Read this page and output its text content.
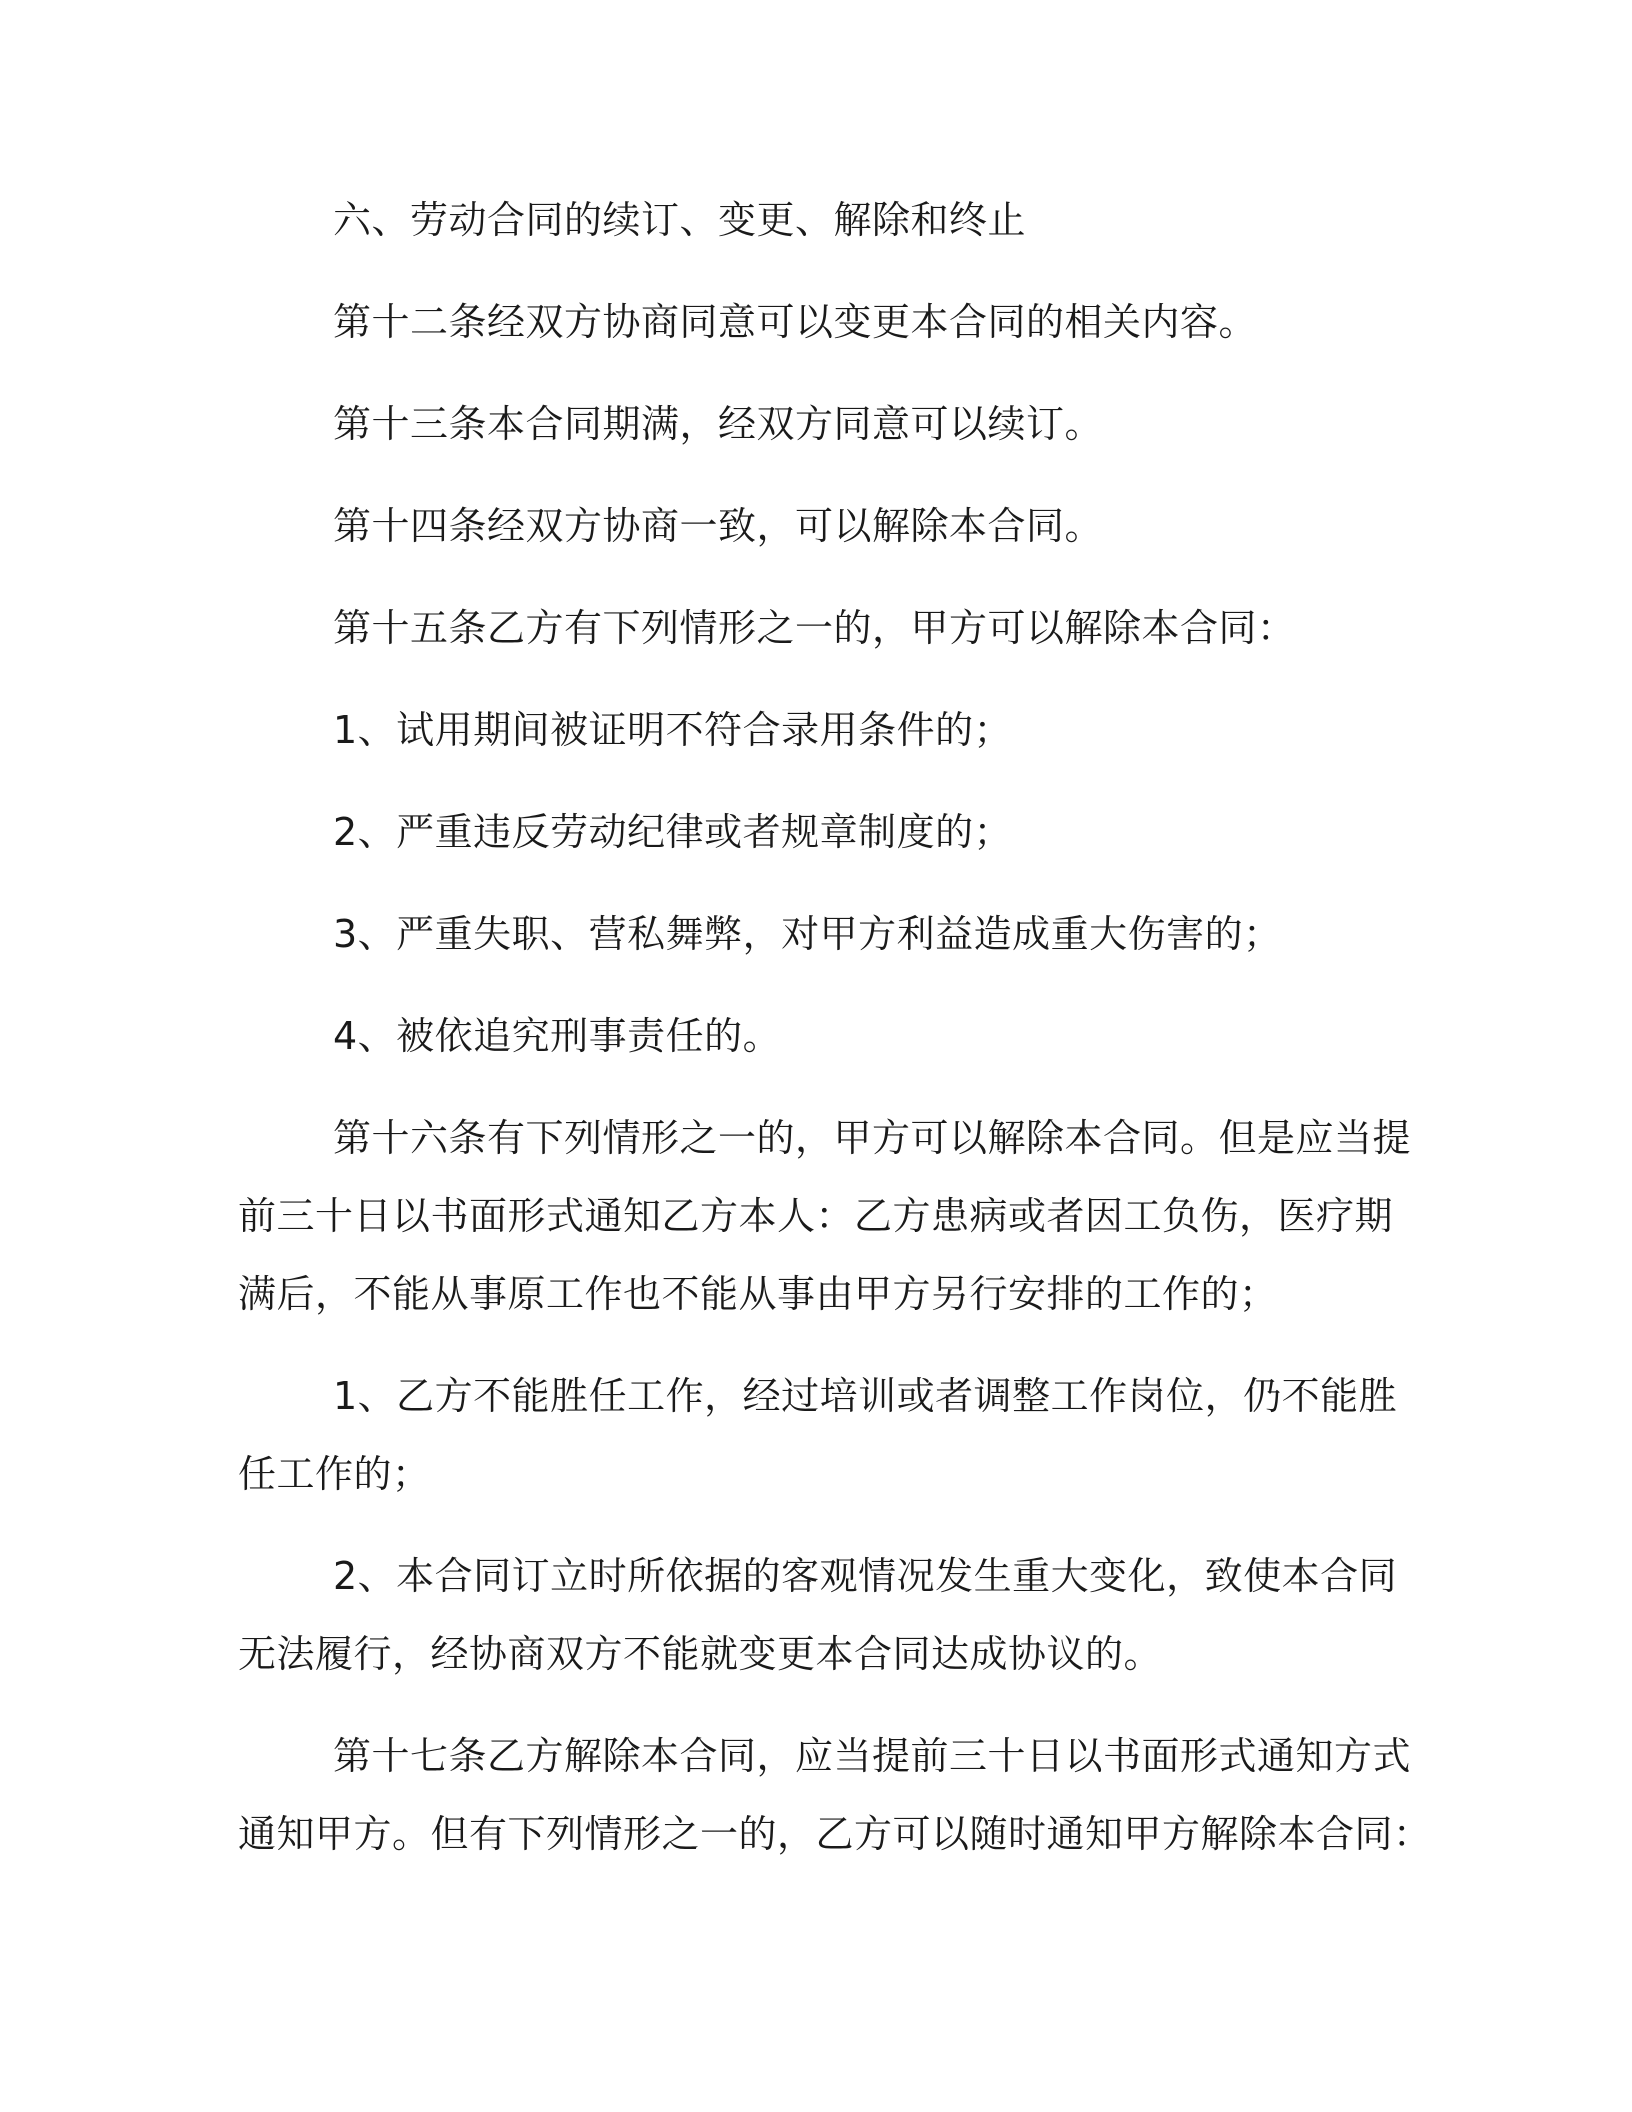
六、劳动合同的续订、变更、解除和终止
第十二条经双方协商同意可以变更本合同的相关内容。
第十三条本合同期满，经双方同意可以续订。
第十四条经双方协商一致，可以解除本合同。
第十五条乙方有下列情形之一的，甲方可以解除本合同：
1、试用期间被证明不符合录用条件的；
2、严重违反劳动纪律或者规章制度的；
3、严重失职、营私舞弊，对甲方利益造成重大伤害的；
4、被依追究刑事责任的。
第十六条有下列情形之一的，甲方可以解除本合同。但是应当提
前三十日以书面形式通知乙方本人：乙方患病或者因工负伤，医疗期
满后，不能从事原工作也不能从事由甲方另行安排的工作的；
1、乙方不能胜任工作，经过培训或者调整工作岗位，仍不能胜
任工作的；
2、本合同订立时所依据的客观情况发生重大变化，致使本合同
无法履行，经协商双方不能就变更本合同达成协议的。
第十七条乙方解除本合同，应当提前三十日以书面形式通知方式
通知甲方。但有下列情形之一的，乙方可以随时通知甲方解除本合同：
